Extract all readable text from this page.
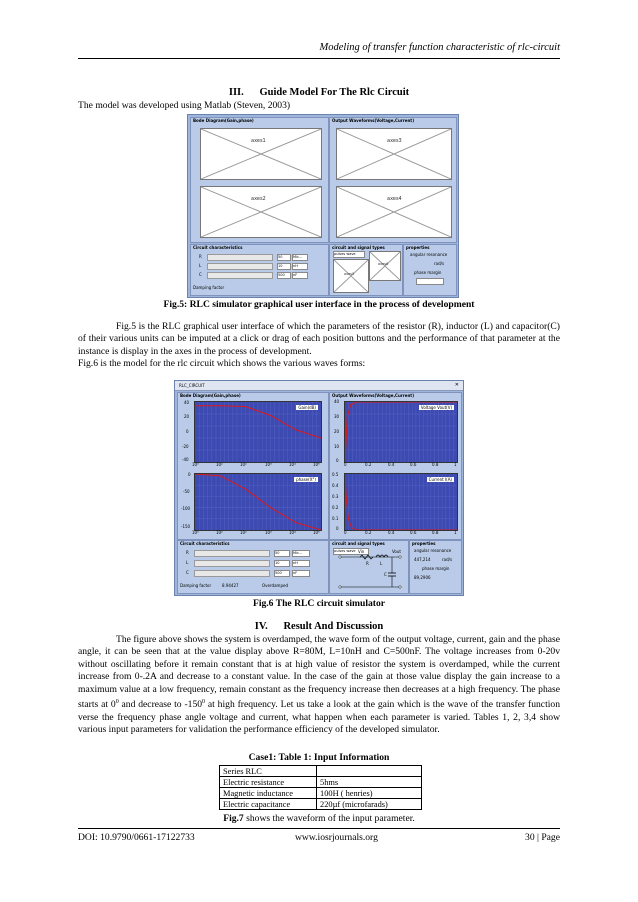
Modeling of transfer function characteristic of rlc-circuit
III. Guide Model For The Rlc Circuit
The model was developed using Matlab (Steven, 2003)
Bode Diagram(Gain,phase)
axes1
axes2
Output Waveforms(Voltage,Current)
axes3
axes4
Circuit characteristics
R	50	Mic...
L	10	nH
C	500	nF
Damping factor
circuit and signal types
pulses wave
axes5
axes6
properties
angular resonance
rad/s
phase margin
Fig.5: RLC simulator graphical user interface in the process of development
Fig.5 is the RLC graphical user interface of which the parameters of the resistor (R), inductor (L) and capacitor(C) of their various units can be imputed at a click or drag of each position buttons and the performance of that parameter at the instance is display in the axes in the process of development.
Fig.6 is the model for the rlc circuit which shows the various waves forms:
RLC_CIRCUIT	✕
Bode Diagram(Gain,phase)
Gain(dB)
40
20
0
-20
-40
10⁰	10²	10²	10³	10⁴	10⁵
phase(X°)
0
-50
-100
-150
10⁰	10²	10²	10³	10⁴	10⁵
Output Waveforms(Voltage,Current)
Voltage Vout(V)
40
30
20
10
0
0	0.2	0.4	0.6	0.8	1
Current I(A)
0.5
0.4
0.3
0.2
0.1
0
0	0.2	0.4	0.6	0.8	1
Circuit characteristics
R	50	Mic...
L	10	nH
C	500	nF
Damping factor	8.94427	Overdamped
circuit and signal types
pulses wave Vin	Vout
R	L
C
properties
angular resonance
447,214	rad/s
phase margin
89,2906
Fig.6 The RLC circuit simulator
IV. Result And Discussion
The figure above shows the system is overdamped, the wave form of the output voltage, current, gain and the phase angle, it can be seen that at the value display above R=80M, L=10nH and C=500nF. The voltage increases from 0-20v without oscillating before it remain constant that is at high value of resistor the system is overdamped, while the current increase from 0-.2A and decrease to a constant value. In the case of the gain at those value display the gain increase to a maximum value at a low frequency, remain constant as the frequency increase then decreases at a high frequency. The phase starts at $0^0$ and decrease to $-150^0$ at high frequency. Let us take a look at the gain which is the wave of the transfer function verse the frequency phase angle voltage and current, what happen when each parameter is varied. Tables 1, 2, 3,4 show various input parameters for validation the performance efficiency of the developed simulator.
Case1: Table 1: Input Information
Series RLC	
Electric resistance	5hms
Magnetic inductance	100H ( henries)
Electric capacitance	220µf (microfarads)
Fig.7 shows the waveform of the input parameter.
DOI: 10.9790/0661-17122733	www.iosrjournals.org	30 | Page
